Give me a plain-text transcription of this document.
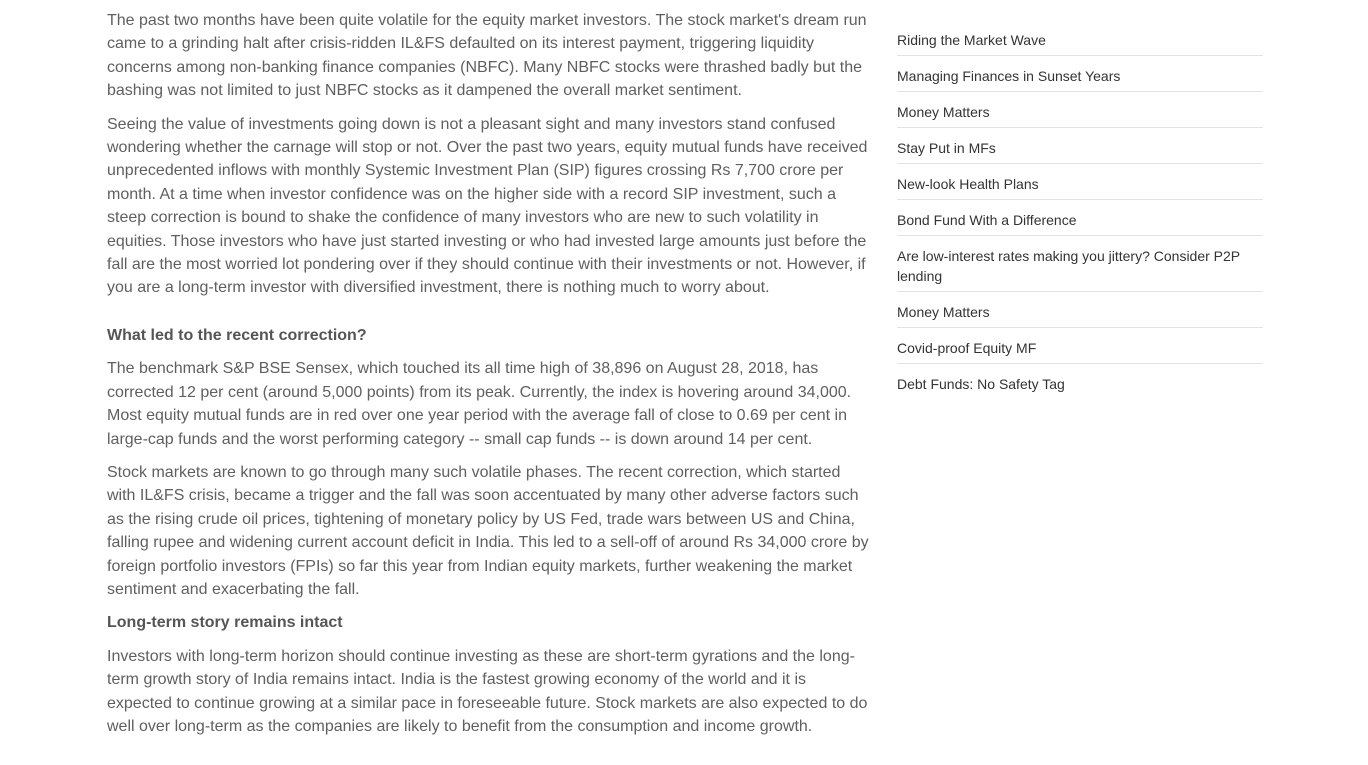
The past two months have been quite volatile for the equity market investors. The stock market's dream run came to a grinding halt after crisis-ridden IL&FS defaulted on its interest payment, triggering liquidity concerns among non-banking finance companies (NBFC). Many NBFC stocks were thrashed badly but the bashing was not limited to just NBFC stocks as it dampened the overall market sentiment.

Seeing the value of investments going down is not a pleasant sight and many investors stand confused wondering whether the carnage will stop or not. Over the past two years, equity mutual funds have received unprecedented inflows with monthly Systemic Investment Plan (SIP) figures crossing Rs 7,700 crore per month. At a time when investor confidence was on the higher side with a record SIP investment, such a steep correction is bound to shake the confidence of many investors who are new to such volatility in equities. Those investors who have just started investing or who had invested large amounts just before the fall are the most worried lot pondering over if they should continue with their investments or not. However, if you are a long-term investor with diversified investment, there is nothing much to worry about.

What led to the recent correction?

The benchmark S&P BSE Sensex, which touched its all time high of 38,896 on August 28, 2018, has corrected 12 per cent (around 5,000 points) from its peak. Currently, the index is hovering around 34,000. Most equity mutual funds are in red over one year period with the average fall of close to 0.69 per cent in large-cap funds and the worst performing category -- small cap funds -- is down around 14 per cent.

Stock markets are known to go through many such volatile phases. The recent correction, which started with IL&FS crisis, became a trigger and the fall was soon accentuated by many other adverse factors such as the rising crude oil prices, tightening of monetary policy by US Fed, trade wars between US and China, falling rupee and widening current account deficit in India. This led to a sell-off of around Rs 34,000 crore by foreign portfolio investors (FPIs) so far this year from Indian equity markets, further weakening the market sentiment and exacerbating the fall.

Long-term story remains intact

Investors with long-term horizon should continue investing as these are short-term gyrations and the long-term growth story of India remains intact. India is the fastest growing economy of the world and it is expected to continue growing at a similar pace in foreseeable future. Stock markets are also expected to do well over long-term as the companies are likely to benefit from the consumption and income growth.

Riding the Market Wave
Managing Finances in Sunset Years
Money Matters
Stay Put in MFs
New-look Health Plans
Bond Fund With a Difference
Are low-interest rates making you jittery? Consider P2P lending
Money Matters
Covid-proof Equity MF
Debt Funds: No Safety Tag
